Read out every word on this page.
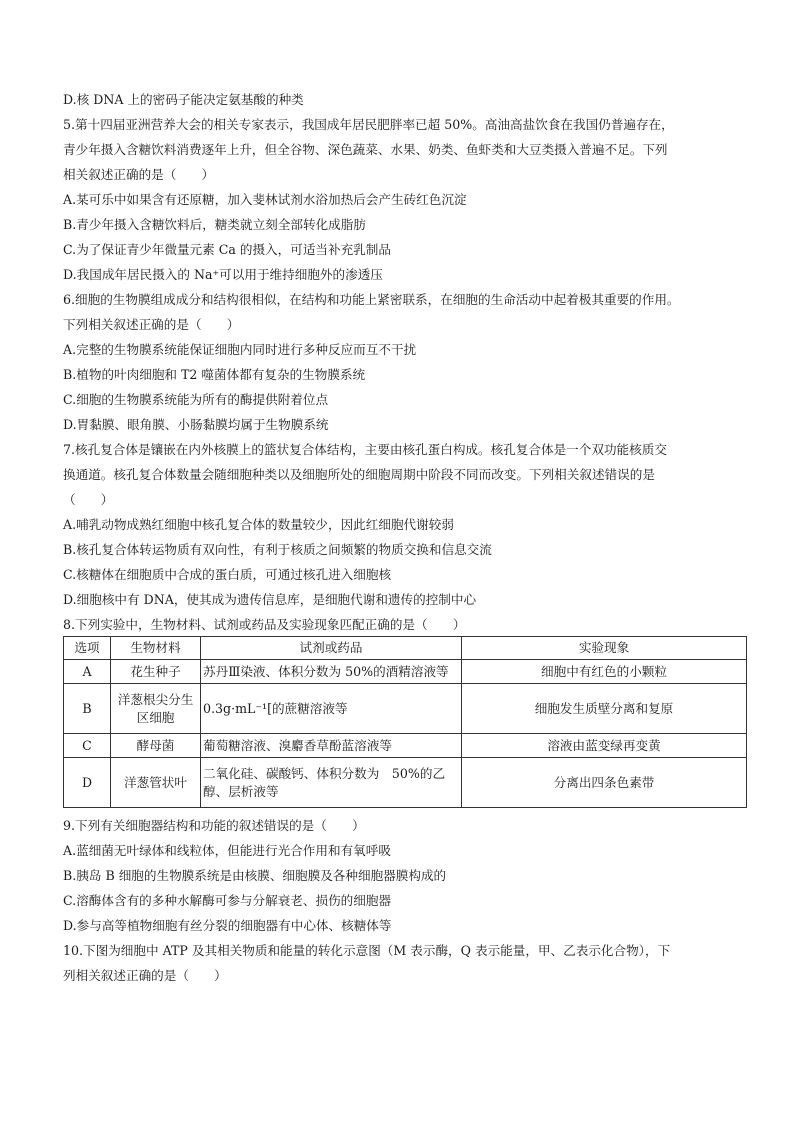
D.核 DNA 上的密码子能决定氨基酸的种类
5.第十四届亚洲营养大会的相关专家表示，我国成年居民肥胖率已超 50%。高油高盐饮食在我国仍普遍存在，
青少年摄入含糖饮料消费逐年上升，但全谷物、深色蔬菜、水果、奶类、鱼虾类和大豆类摄入普遍不足。下列
相关叙述正确的是（　　）
A.某可乐中如果含有还原糖，加入斐林试剂水浴加热后会产生砖红色沉淀
B.青少年摄入含糖饮料后，糖类就立刻全部转化成脂肪
C.为了保证青少年微量元素 Ca 的摄入，可适当补充乳制品
D.我国成年居民摄入的 Na⁺可以用于维持细胞外的渗透压
6.细胞的生物膜组成成分和结构很相似，在结构和功能上紧密联系，在细胞的生命活动中起着极其重要的作用。
下列相关叙述正确的是（　　）
A.完整的生物膜系统能保证细胞内同时进行多种反应而互不干扰
B.植物的叶肉细胞和 T2 噬菌体都有复杂的生物膜系统
C.细胞的生物膜系统能为所有的酶提供附着位点
D.胃黏膜、眼角膜、小肠黏膜均属于生物膜系统
7.核孔复合体是镶嵌在内外核膜上的篮状复合体结构，主要由核孔蛋白构成。核孔复合体是一个双功能核质交
换通道。核孔复合体数量会随细胞种类以及细胞所处的细胞周期中阶段不同而改变。下列相关叙述错误的是
（　　）
A.哺乳动物成熟红细胞中核孔复合体的数量较少，因此红细胞代谢较弱
B.核孔复合体转运物质有双向性，有利于核质之间频繁的物质交换和信息交流
C.核糖体在细胞质中合成的蛋白质，可通过核孔进入细胞核
D.细胞核中有 DNA，使其成为遗传信息库，是细胞代谢和遗传的控制中心
8.下列实验中，生物材料、试剂或药品及实验现象匹配正确的是（　　）
选项	生物材料	试剂或药品	实验现象
A	花生种子	苏丹Ⅲ染液、体积分数为 50%的酒精溶液等	细胞中有红色的小颗粒
B	洋葱根尖分生区细胞	0.3g·mL⁻¹[的蔗糖溶液等	细胞发生质壁分离和复原
C	酵母菌	葡萄糖溶液、溴麝香草酚蓝溶液等	溶液由蓝变绿再变黄
D	洋葱管状叶	二氧化硅、碳酸钙、体积分数为　50%的乙醇、层析液等	分离出四条色素带
9.下列有关细胞器结构和功能的叙述错误的是（　　）
A.蓝细菌无叶绿体和线粒体，但能进行光合作用和有氧呼吸
B.胰岛 B 细胞的生物膜系统是由核膜、细胞膜及各种细胞器膜构成的
C.溶酶体含有的多种水解酶可参与分解衰老、损伤的细胞器
D.参与高等植物细胞有丝分裂的细胞器有中心体、核糖体等
10.下图为细胞中 ATP 及其相关物质和能量的转化示意图（M 表示酶，Q 表示能量，甲、乙表示化合物），下
列相关叙述正确的是（　　）
